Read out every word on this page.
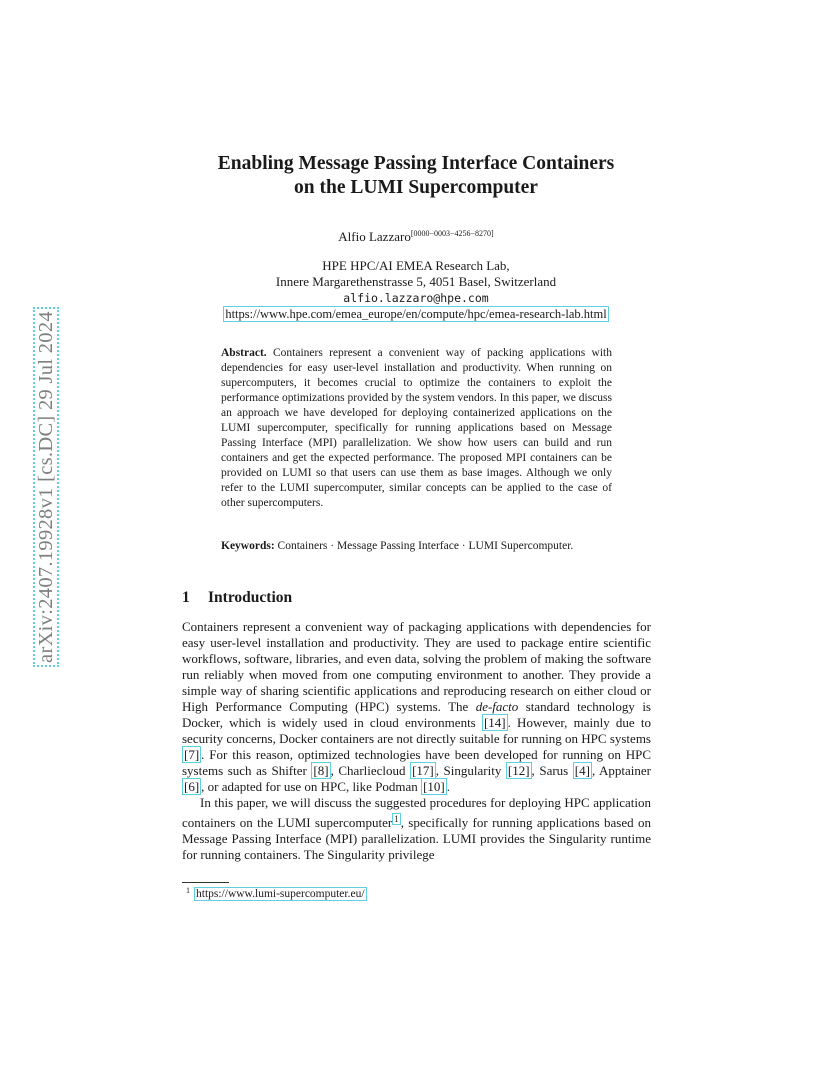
arXiv:2407.19928v1 [cs.DC] 29 Jul 2024
Enabling Message Passing Interface Containers
on the LUMI Supercomputer
Alfio Lazzaro[0000−0003−4256−8270]
HPE HPC/AI EMEA Research Lab,
Innere Margarethenstrasse 5, 4051 Basel, Switzerland
alfio.lazzaro@hpe.com
https://www.hpe.com/emea_europe/en/compute/hpc/emea-research-lab.html
Abstract. Containers represent a convenient way of packing applications with dependencies for easy user-level installation and productivity. When running on supercomputers, it becomes crucial to optimize the containers to exploit the performance optimizations provided by the system vendors. In this paper, we discuss an approach we have developed for deploying containerized applications on the LUMI supercomputer, specifically for running applications based on Message Passing Interface (MPI) parallelization. We show how users can build and run containers and get the expected performance. The proposed MPI containers can be provided on LUMI so that users can use them as base images. Although we only refer to the LUMI supercomputer, similar concepts can be applied to the case of other supercomputers.
Keywords: Containers · Message Passing Interface · LUMI Supercomputer.
1 Introduction

Containers represent a convenient way of packaging applications with dependencies for easy user-level installation and productivity. They are used to package entire scientific workflows, software, libraries, and even data, solving the problem of making the software run reliably when moved from one computing environment to another. They provide a simple way of sharing scientific applications and reproducing research on either cloud or High Performance Computing (HPC) systems. The de-facto standard technology is Docker, which is widely used in cloud environments [14] . However, mainly due to security concerns, Docker containers are not directly suitable for running on HPC systems [7] . For this reason, optimized technologies have been developed for running on HPC systems such as Shifter [8] , Charliecloud [17] , Singularity [12] , Sarus [4] , Apptainer [6] , or adapted for use on HPC, like Podman [10] .

In this paper, we will discuss the suggested procedures for deploying HPC application containers on the LUMI supercomputer $^1$ , specifically for running applications based on Message Passing Interface (MPI) parallelization. LUMI provides the Singularity runtime for running containers. The Singularity privilege

$^1$ https://www.lumi-supercomputer.eu/
